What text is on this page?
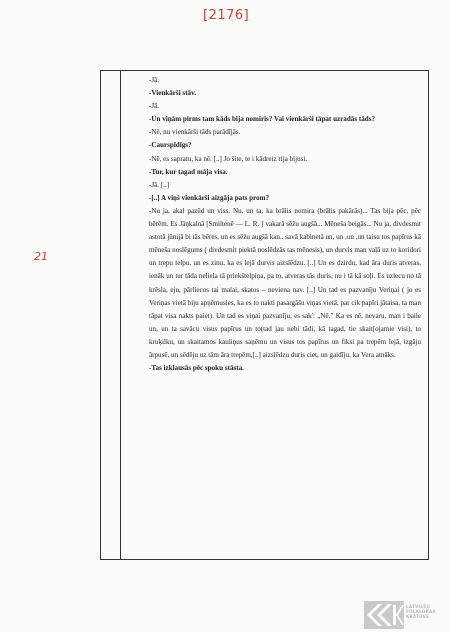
[2176]
21

-Jā.

-Vienkārši stāv.

-Jā.

-Un viņām pirms tam kāds bija nomiris? Vai vienkārši tāpat uzradās tāds?

-Nē, nu vienkārši tāds parādījās.

-Caurspīdīgs?

-Nē, es sapratu, ka nē. [..] Jo šite, te i kādreiz rija bijusi.

-Tur, kur tagad māja visa.

-Jā. [..]

-[..] A viņš vienkārši aizgāja pats prom?

-Nu ja, akal pazūd un viss. Nu, un ta, ka brālis nomira (brālis pakārās)... Tas bija pēc, pēc bērēm. Es Jāņkalnā [Smiltenē — L. R. ] vakarā sēžu augšā... Mēneša beigās... Nu ja, divdesmit astotā jūnijā bi tās bēres, un es sēžu augšā kan.. savā kabinetā un, un ,un ,un taisu tos papīrus kā mēneša noslēgums ( divdesmit piektā noslēdzās tas mēnesis), un durvis man vaļā uz to koridori un trepu telpu, un es zinu, ka es lejā durvis aizslēdzu. [..] Un es dzirdu, kad āra duris atveras, ienāk un tur tāda neliela tā priekštelpiņa, pa to, atveras tās duris, nu i tā kā soļi. Es uzlecu no tā krēsla, eju, pārliecos tai malai, skatos – neviena nav. [..] Un tad es pazvanīju Veriņai ( jo es Veriņas vietā biju apņēmusies, ka es to nakti pasargāšu viņas vietā, par cik papīri jātaisa, ta man tāpat visa nakts paiet). Un tad es viņai pazvanīju, es sak': „Nē.” Ka es nē, nevaru, man i baile un, un ta savācu visus papīrus un to(tad jau nebi tādi, kā tagad, tie skait[ojamie visi), to kruķilku, un skaitamos kauliņus saņēmu un visus tos papīrus un fiksi pa trepēm lejā, izgāju ārpusē, un sēdēju uz tām āra trepēm,[..] aizslēdzu duris ciet, un gaidīju, ka Vera atnāks.

-Tas izklausās pēc spoku stāsta.

LATVIEŠU
FOLKLORAS
KRĀTUVE
